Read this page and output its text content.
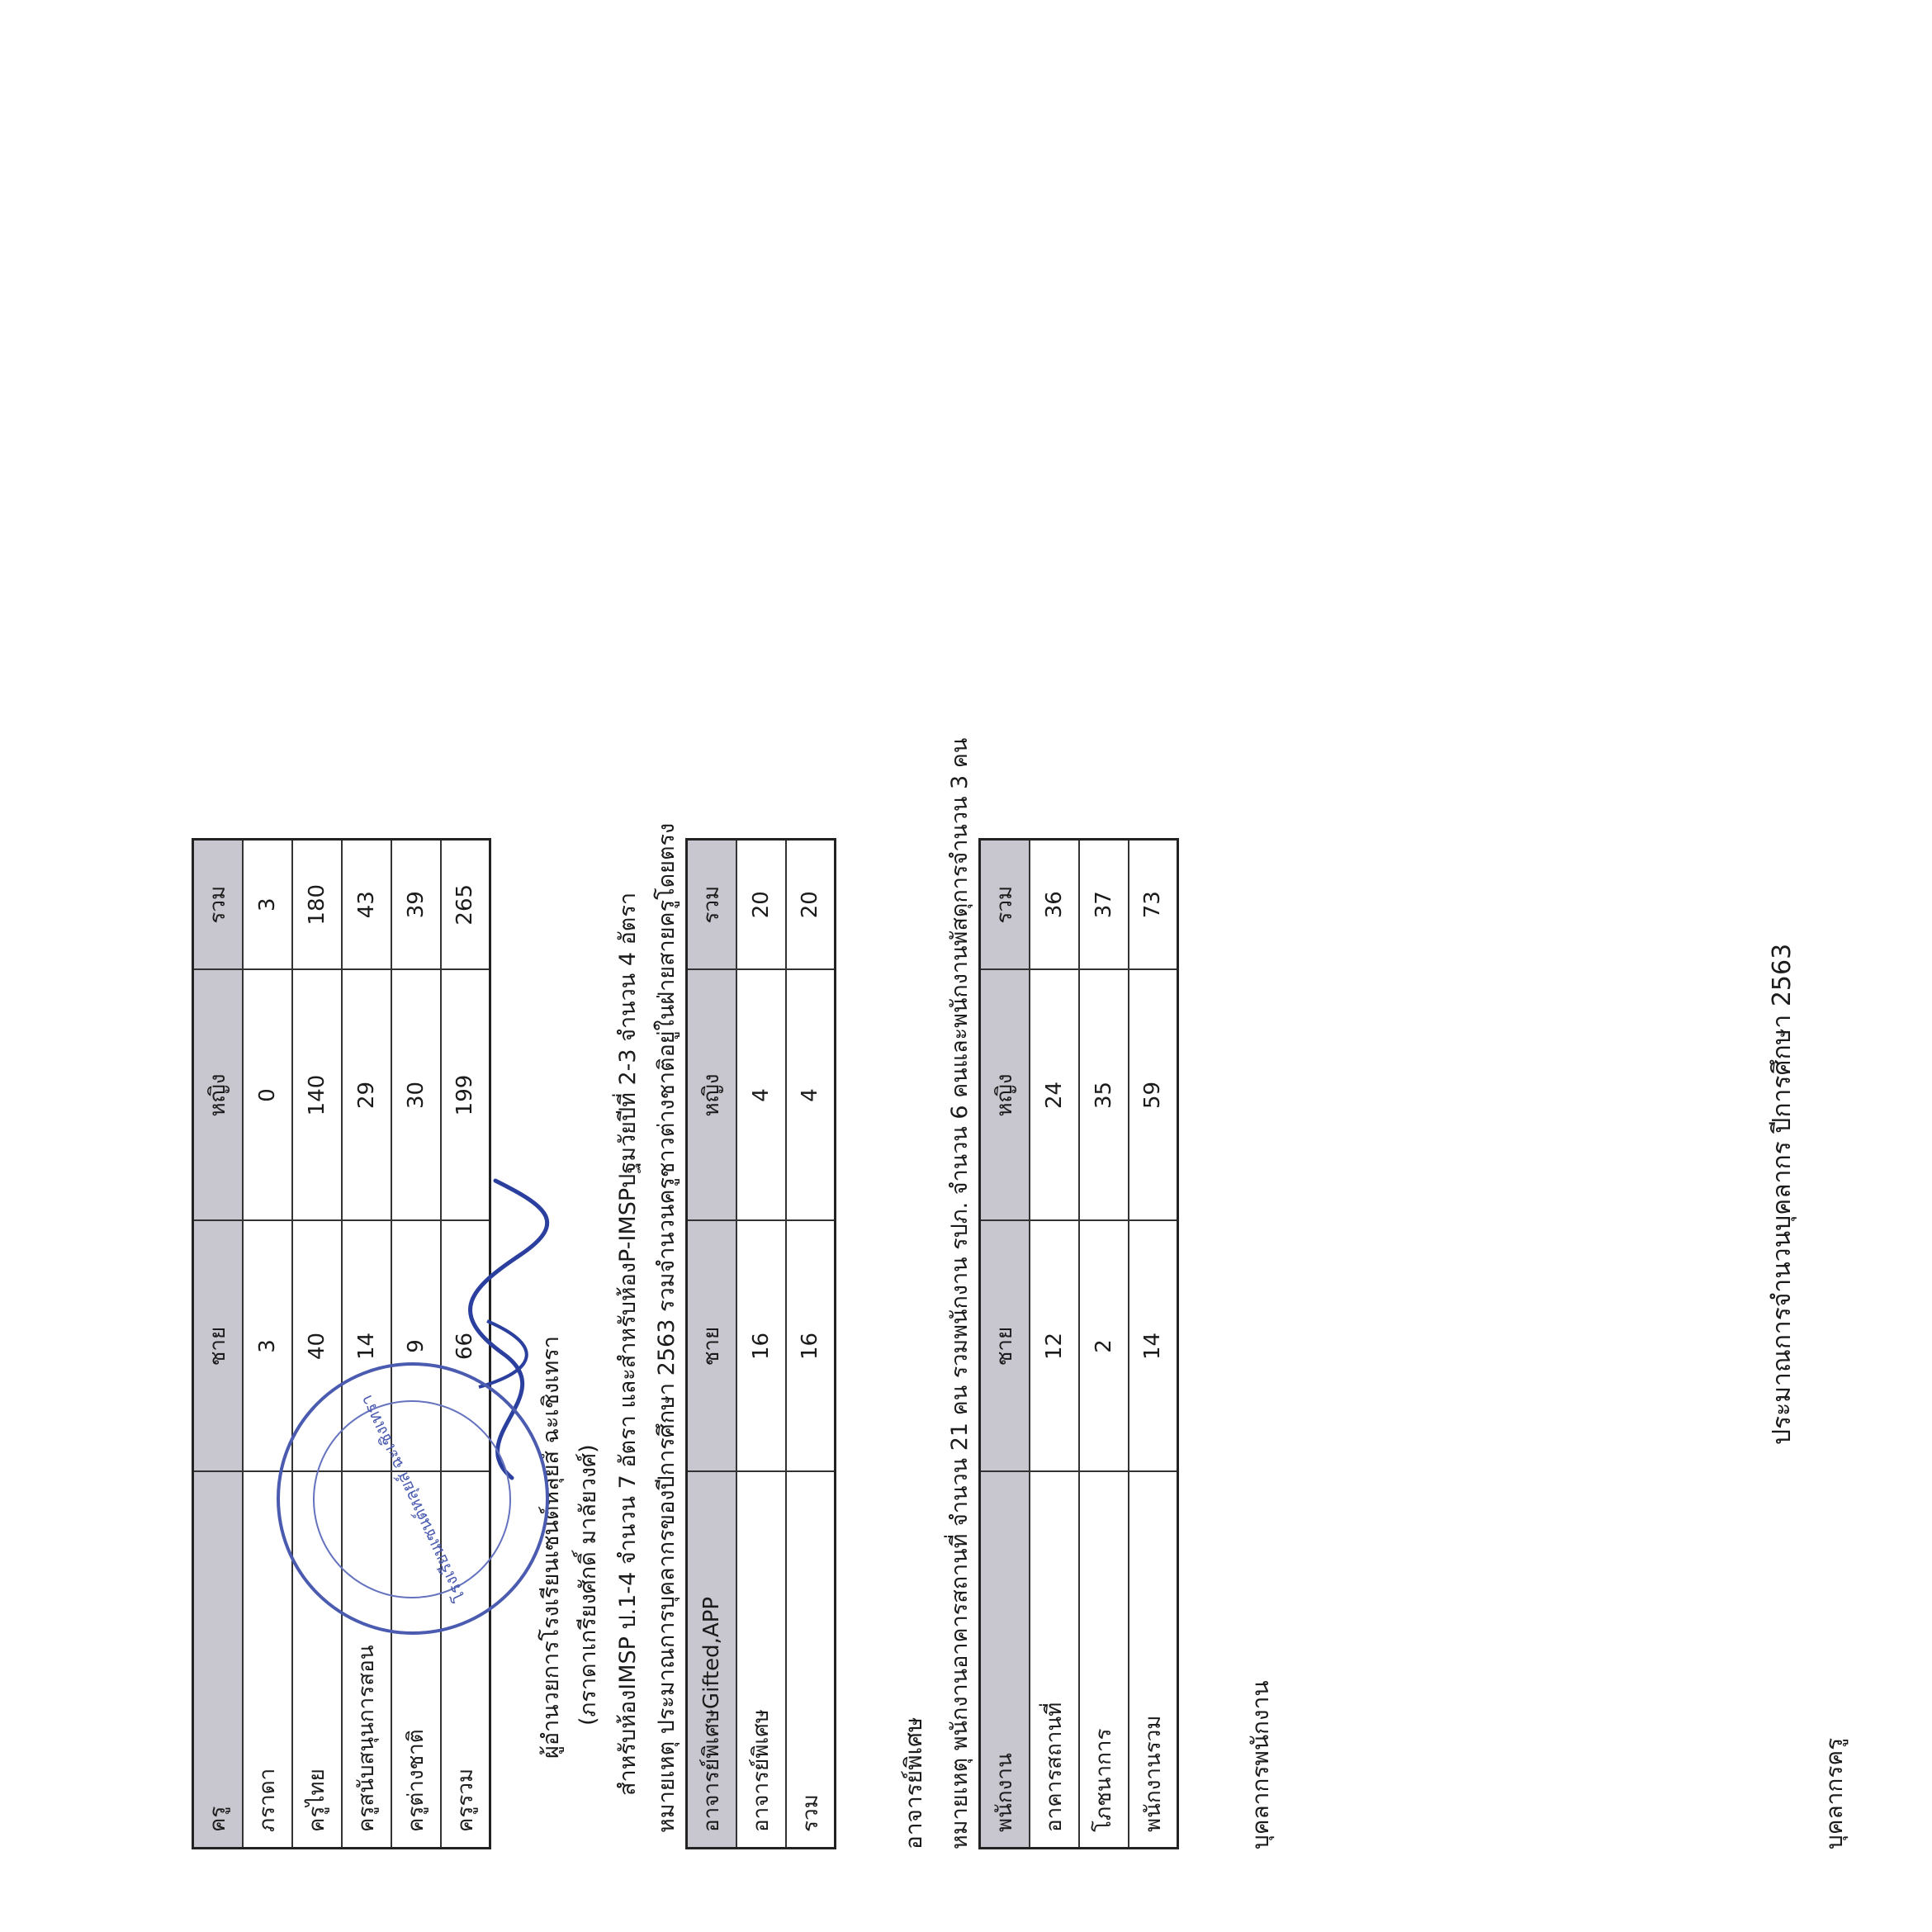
ประมาณการจำนวนบุคลากร ปีการศึกษา 2563
บุคลากรครู
ครู	ชาย	หญิง	รวม
ภราดา	3	0	3
ครูไทย	40	140	180
ครูสนับสนุนการสอน	14	29	43
ครูต่างชาติ	9	30	39
ครูรวม	66	199	265
บุคลากรพนักงาน
พนักงาน	ชาย	หญิง	รวม
อาคารสถานที่	12	24	36
โภชนาการ	2	35	37
พนักงานรวม	14	59	73
หมายเหตุ พนักงานอาคารสถานที่ จำนวน 21 คน รวมพนักงาน รปภ. จำนวน 6 คนและพนักงานพัสดุการจำนวน 3 คน
อาจารย์พิเศษ
อาจารย์พิเศษGifted,APP	ชาย	หญิง	รวม
อาจารย์พิเศษ	16	4	20
รวม	16	4	20
หมายเหตุ ประมาณการบุคลากรของปีการศึกษา 2563 รวมจำนวนครูชาวต่างชาติอยู่ในฝ่ายสายครูโดยตรง
สำหรับห้องIMSP ป.1-4 จำนวน 7 อัตรา และสำหรับห้องP-IMSPปฐมวัยปีที่ 2-3 จำนวน 4 อัตรา
(ภราดาเกรียงศักดิ์ มาลัยวงศ์)
ผู้อำนวยการโรงเรียนเซนต์หลุยส์ ฉะเชิงเทรา
โรงเรียนเซนต์หลุยส์ ฉะเชิงเทรา
